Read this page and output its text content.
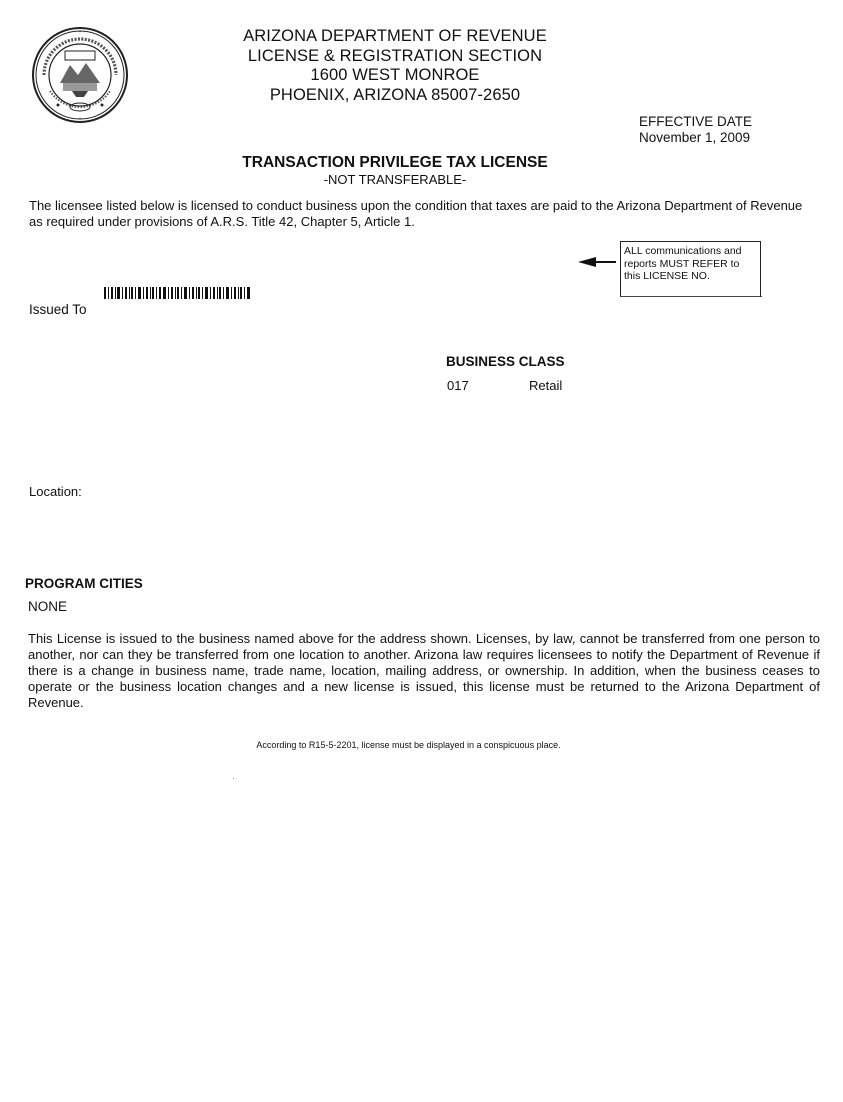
ARIZONA DEPARTMENT OF REVENUE
LICENSE & REGISTRATION SECTION
1600 WEST MONROE
PHOENIX, ARIZONA 85007-2650
EFFECTIVE DATE
November 1, 2009
TRANSACTION PRIVILEGE TAX LICENSE
-NOT TRANSFERABLE-
The licensee listed below is licensed to conduct business upon the condition that taxes are paid to the Arizona Department of Revenue as required under provisions of A.R.S. Title 42, Chapter 5, Article 1.
ALL communications and
reports MUST REFER to
this LICENSE NO.
Issued To
BUSINESS CLASS
017	Retail
Location:
PROGRAM CITIES
NONE
This License is issued to the business named above for the address shown. Licenses, by law, cannot be transferred from one person to another, nor can they be transferred from one location to another. Arizona law requires licensees to notify the Department of Revenue if there is a change in business name, trade name, location, mailing address, or ownership. In addition, when the business ceases to operate or the business location changes and a new license is issued, this license must be returned to the Arizona Department of Revenue.
According to R15-5-2201, license must be displayed in a conspicuous place.
